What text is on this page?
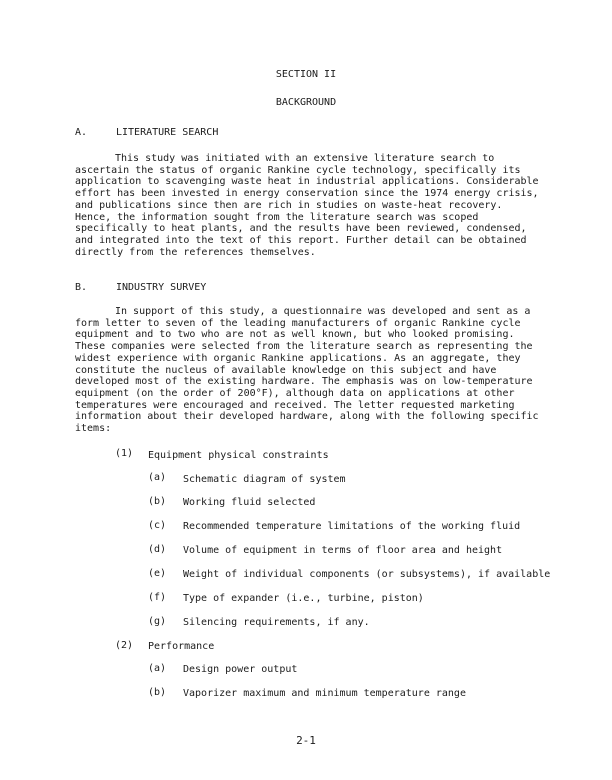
SECTION II
BACKGROUND
A.	LITERATURE SEARCH
This study was initiated with an extensive literature search to
ascertain the status of organic Rankine cycle technology, specifically its
application to scavenging waste heat in industrial applications. Considerable
effort has been invested in energy conservation since the 1974 energy crisis,
and publications since then are rich in studies on waste-heat recovery.
Hence, the information sought from the literature search was scoped
specifically to heat plants, and the results have been reviewed, condensed,
and integrated into the text of this report. Further detail can be obtained
directly from the references themselves.
B.	INDUSTRY SURVEY
In support of this study, a questionnaire was developed and sent as a
form letter to seven of the leading manufacturers of organic Rankine cycle
equipment and to two who are not as well known, but who looked promising.
These companies were selected from the literature search as representing the
widest experience with organic Rankine applications. As an aggregate, they
constitute the nucleus of available knowledge on this subject and have
developed most of the existing hardware. The emphasis was on low-temperature
equipment (on the order of 200°F), although data on applications at other
temperatures were encouraged and received. The letter requested marketing
information about their developed hardware, along with the following specific
items:
(1) Equipment physical constraints
(a) Schematic diagram of system
(b) Working fluid selected
(c) Recommended temperature limitations of the working fluid
(d) Volume of equipment in terms of floor area and height
(e) Weight of individual components (or subsystems), if available
(f) Type of expander (i.e., turbine, piston)
(g) Silencing requirements, if any.
(2) Performance
(a) Design power output
(b) Vaporizer maximum and minimum temperature range
2-1
